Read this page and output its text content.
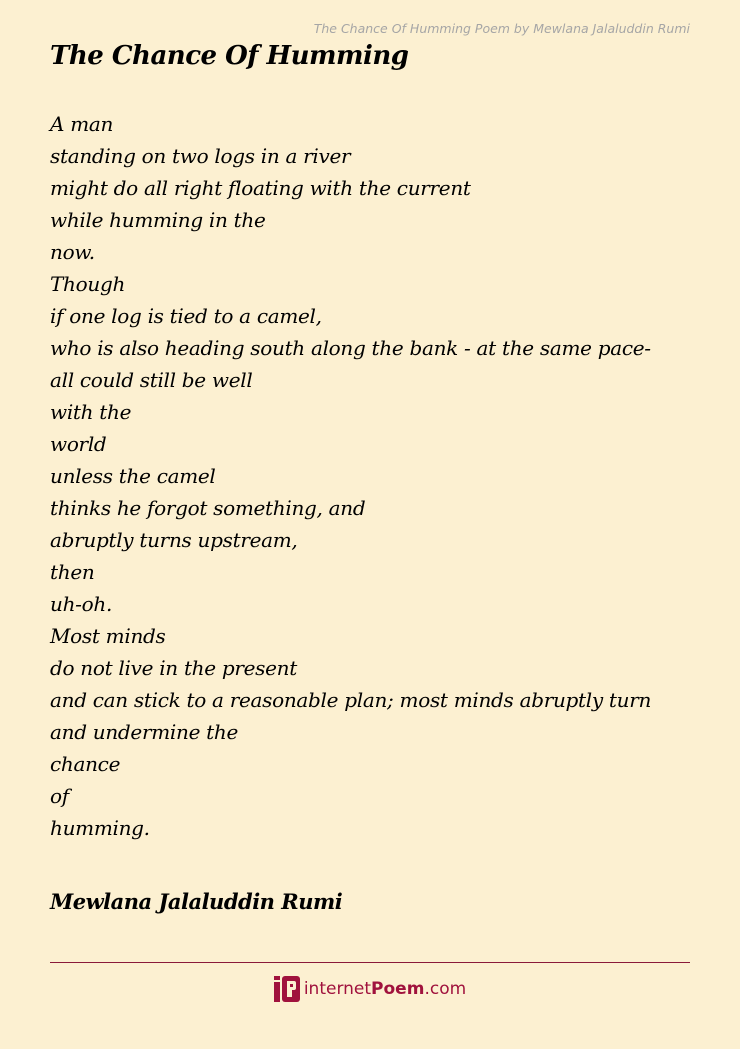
The Chance Of Humming Poem by Mewlana Jalaluddin Rumi
The Chance Of Humming
A man
standing on two logs in a river
might do all right floating with the current
while humming in the
now.
Though
if one log is tied to a camel,
who is also heading south along the bank - at the same pace-
all could still be well
with the
world
unless the camel
thinks he forgot something, and
abruptly turns upstream,
then
uh-oh.
Most minds
do not live in the present
and can stick to a reasonable plan; most minds abruptly turn
and undermine the
chance
of
humming.
Mewlana Jalaluddin Rumi
internetPoem.com
